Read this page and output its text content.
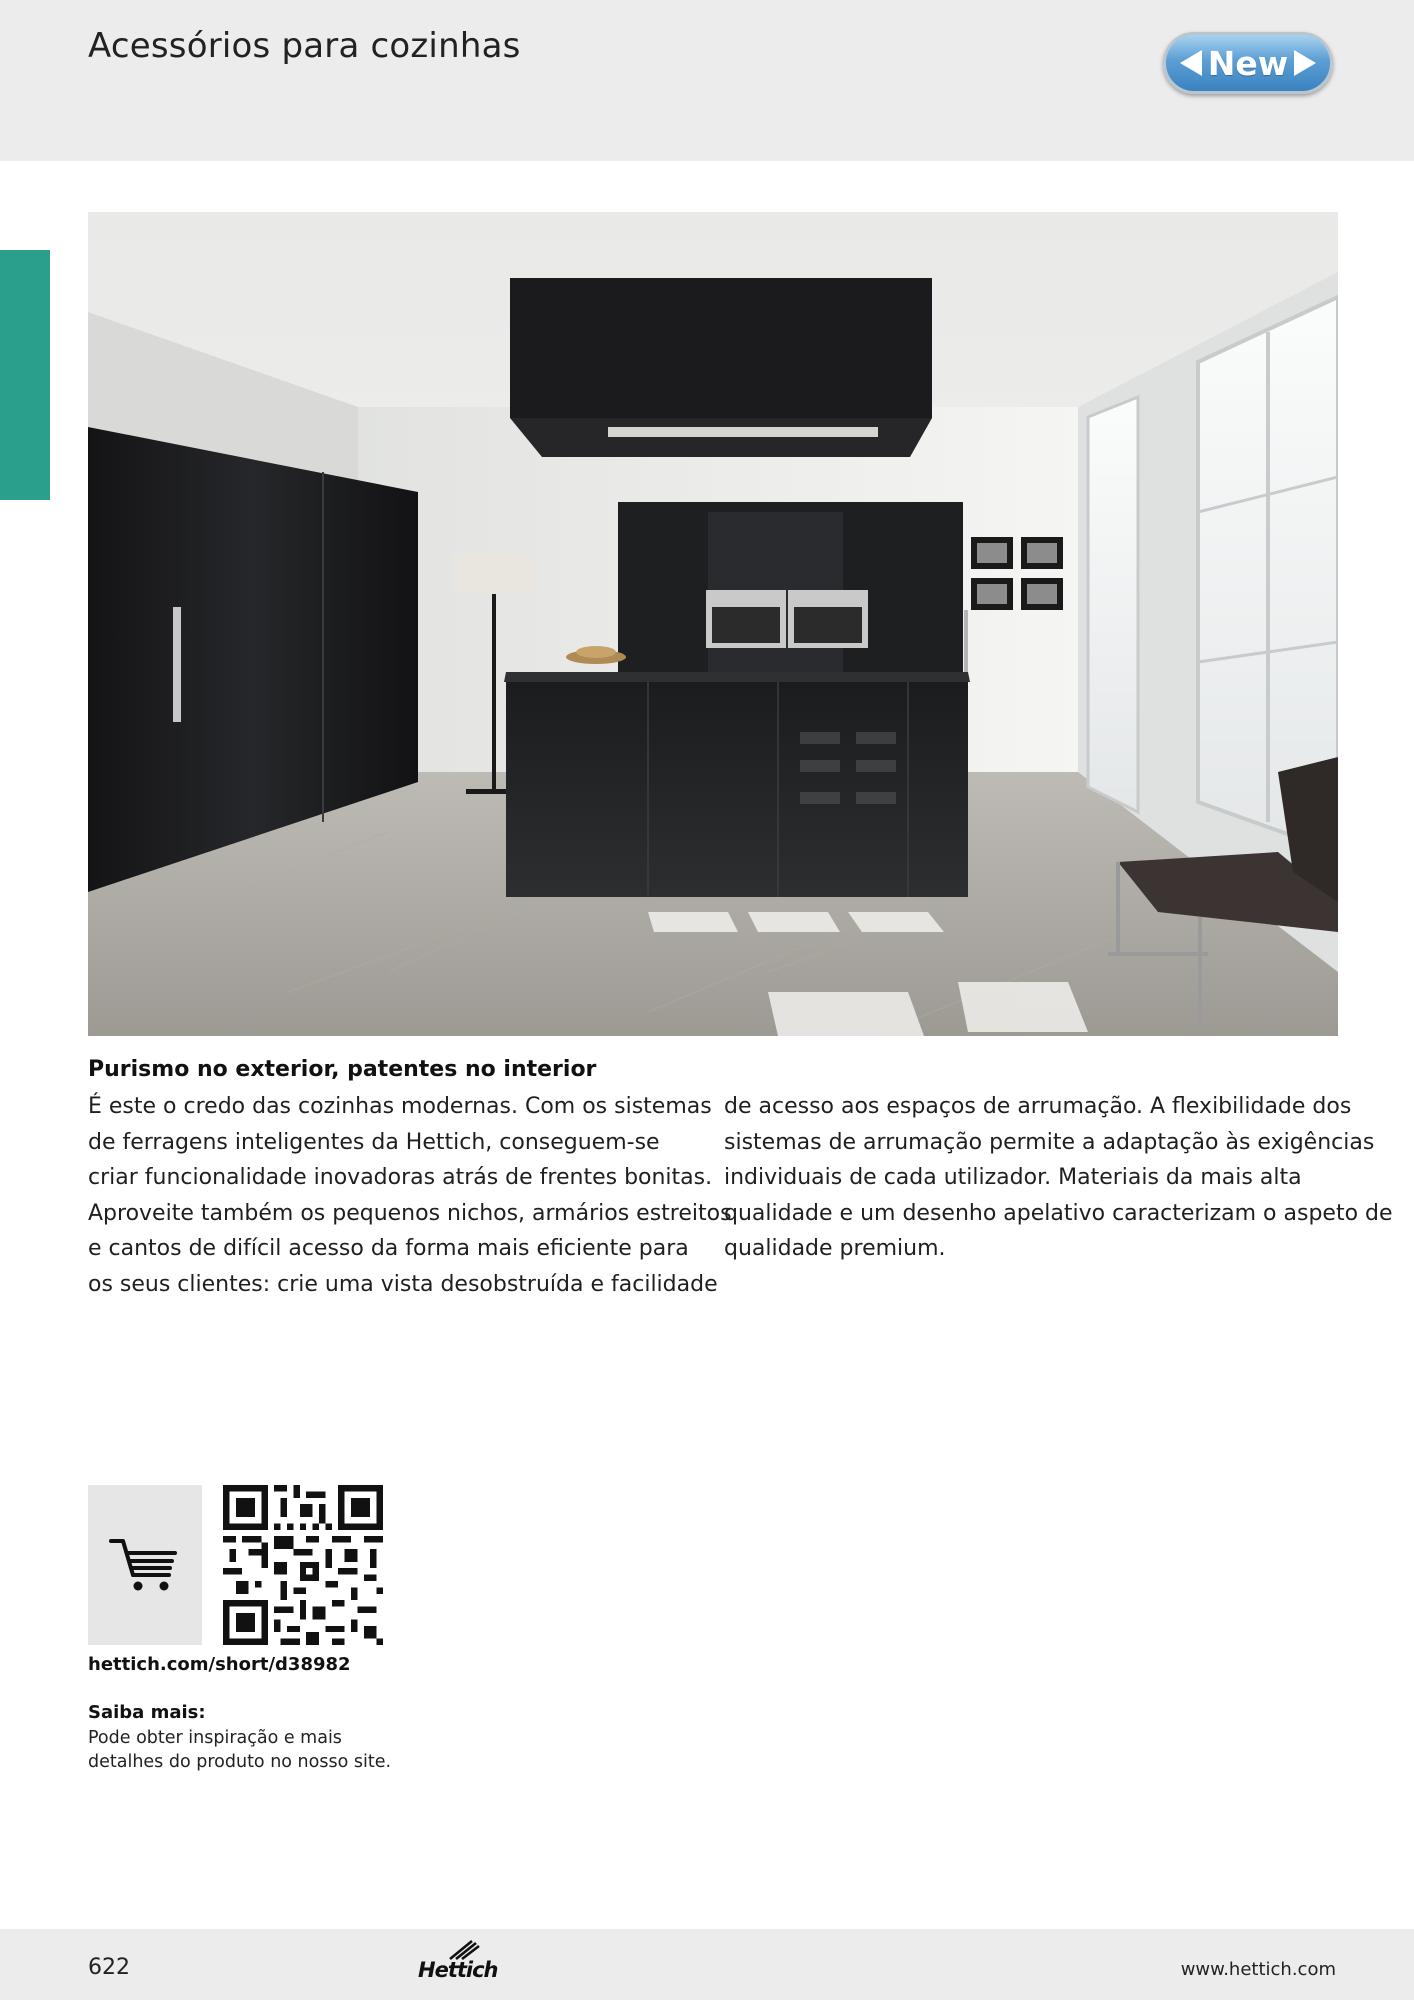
Acessórios para cozinhas	New
Purismo no exterior, patentes no interior

É este o credo das cozinhas modernas. Com os sistemas

de ferragens inteligentes da Hettich, conseguem-se

criar funcionalidade inovadoras atrás de frentes bonitas.

Aproveite também os pequenos nichos, armários estreitos

e cantos de difícil acesso da forma mais eficiente para

os seus clientes: crie uma vista desobstruída e facilidade

de acesso aos espaços de arrumação. A flexibilidade dos

sistemas de arrumação permite a adaptação às exigências

individuais de cada utilizador. Materiais da mais alta

qualidade e um desenho apelativo caracterizam o aspeto de

qualidade premium.

hettich.com/short/d38982
Saiba mais:
Pode obter inspiração e mais
detalhes do produto no nosso site.
622	Hettich	www.hettich.com
